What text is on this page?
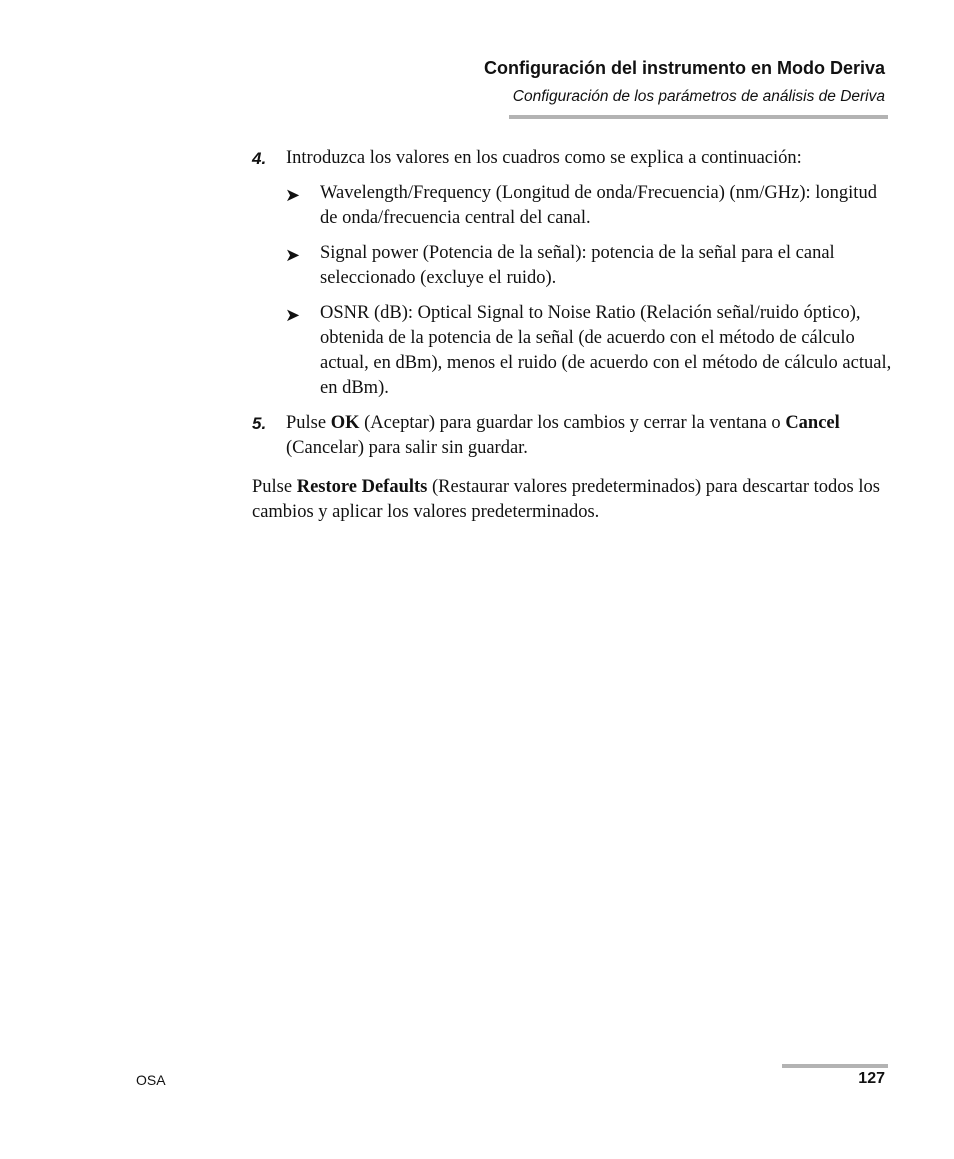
Configuración del instrumento en Modo Deriva
Configuración de los parámetros de análisis de Deriva
4. Introduzca los valores en los cuadros como se explica a continuación:
➤ Wavelength/Frequency (Longitud de onda/Frecuencia) (nm/GHz): longitud de onda/frecuencia central del canal.
➤ Signal power (Potencia de la señal): potencia de la señal para el canal seleccionado (excluye el ruido).
➤ OSNR (dB): Optical Signal to Noise Ratio (Relación señal/ruido óptico), obtenida de la potencia de la señal (de acuerdo con el método de cálculo actual, en dBm), menos el ruido (de acuerdo con el método de cálculo actual, en dBm).
5. Pulse OK (Aceptar) para guardar los cambios y cerrar la ventana o Cancel (Cancelar) para salir sin guardar.
Pulse Restore Defaults (Restaurar valores predeterminados) para descartar todos los cambios y aplicar los valores predeterminados.
OSA	127
